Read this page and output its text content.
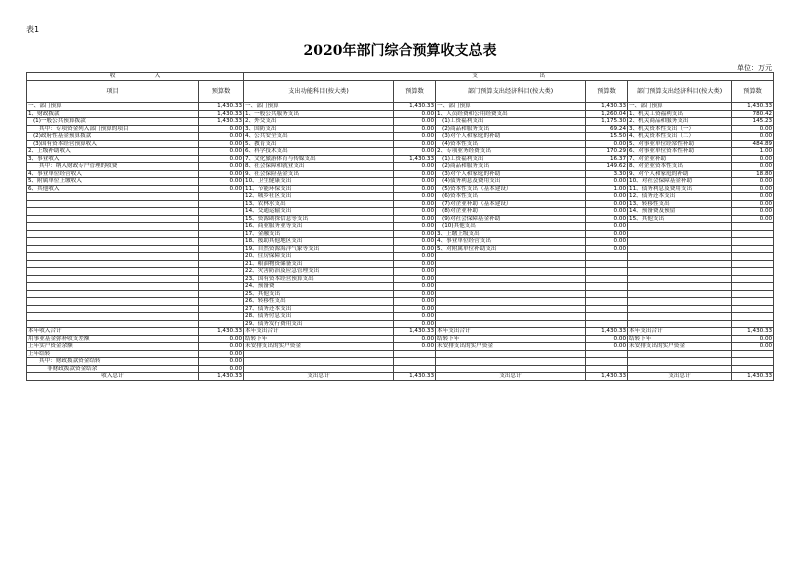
表1
2020年部门综合预算收支总表
单位：万元
收　　　　　　　入		支　　　　　　　　　　　出					
项目	预算数	支出功能科目(按大类)	预算数	部门预算支出经济科目(按大类)	预算数	部门预算支出经济科目(按大类)	预算数
一、部门预算	1,430.33	一、部门预算	1,430.33	一、部门预算	1,430.33	一、部门预算	1,430.33
1、财政拨款	1,430.33	1、一般公共服务支出	0.00	1、人员经费和公用经费支出	1,260.04	1、机关工资福利支出	780.42
(1)一般公共预算拨款	1,430.33	2、外交支出	0.00	(1)工资福利支出	1,175.30	2、机关商品和服务支出	145.23
其中：专项资金列入部门预算的项目	0.00	3、国防支出	0.00	(2)商品和服务支出	69.24	3、机关资本性支出（一）	0.00
(2)政府性基金预算拨款	0.00	4、公共安全支出	0.00	(3)对个人和家庭的补助	15.50	4、机关资本性支出（二）	0.00
(3)国有资本经营预算收入	0.00	5、教育支出	0.00	(4)资本性支出	0.00	5、对事业单位经常性补助	484.89
2、上级补助收入	0.00	6、科学技术支出	0.00	2、专项业务经费支出	170.29	6、对事业单位资本性补助	1.00
3、事业收入	0.00	7、文化旅游体育与传媒支出	1,430.33	(1)工资福利支出	16.37	7、对企业补助	0.00
其中：纳入财政专户管理的收费	0.00	8、社会保障和就业支出	0.00	(2)商品和服务支出	149.62	8、对企业资本性支出	0.00
4、事业单位经营收入	0.00	9、社会保险基金支出	0.00	(3)对个人和家庭的补助	3.30	9、对个人和家庭的补助	18.80
5、附属单位上缴收入	0.00	10、卫生健康支出	0.00	(4)债务利息及费用支出	0.00	10、对社会保障基金补助	0.00
6、其他收入	0.00	11、节能环保支出	0.00	(5)资本性支出（基本建设）	1.00	11、债务利息及费用支出	0.00
		12、城乡社区支出	0.00	(6)资本性支出	0.00	12、债务还本支出	0.00
		13、农林水支出	0.00	(7)对企业补助（基本建设）	0.00	13、转移性支出	0.00
		14、交通运输支出	0.00	(8)对企业补助	0.00	14、预备费及预留	0.00
		15、资源勘探信息等支出	0.00	(9)对社会保障基金补助	0.00	15、其他支出	0.00
		16、商业服务业等支出	0.00	(10)其他支出	0.00		
		17、金融支出	0.00	3、上缴上级支出	0.00		
		18、援助其他地区支出	0.00	4、事业单位经营支出	0.00		
		19、自然资源海洋气象等支出	0.00	5、对附属单位补助支出	0.00		
		20、住房保障支出	0.00				
		21、粮油物资储备支出	0.00				
		22、灾害防治及应急管理支出	0.00				
		23、国有资本经营预算支出	0.00				
		24、预备费	0.00				
		25、其他支出	0.00				
		26、转移性支出	0.00				
		27、债务还本支出	0.00				
		28、债务付息支出	0.00				
		29、债务发行费用支出	0.00				
本年收入合计	1,430.33	本年支出合计	1,430.33	本年支出合计	1,430.33	本年支出合计	1,430.33
用事业基金弥补收支差额	0.00	结转下年	0.00	结转下年	0.00	结转下年	0.00
上年实户资金余额	0.00	未安排支出的实户资金	0.00	未安排支出的实户资金	0.00	未安排支出的实户资金	0.00
上年结转	0.00						
其中：财政拨款资金结转	0.00						
非财政拨款资金结余	0.00						
收入总计	1,430.33	支出总计	1,430.33	支出总计	1,430.33	支出总计	1,430.33
